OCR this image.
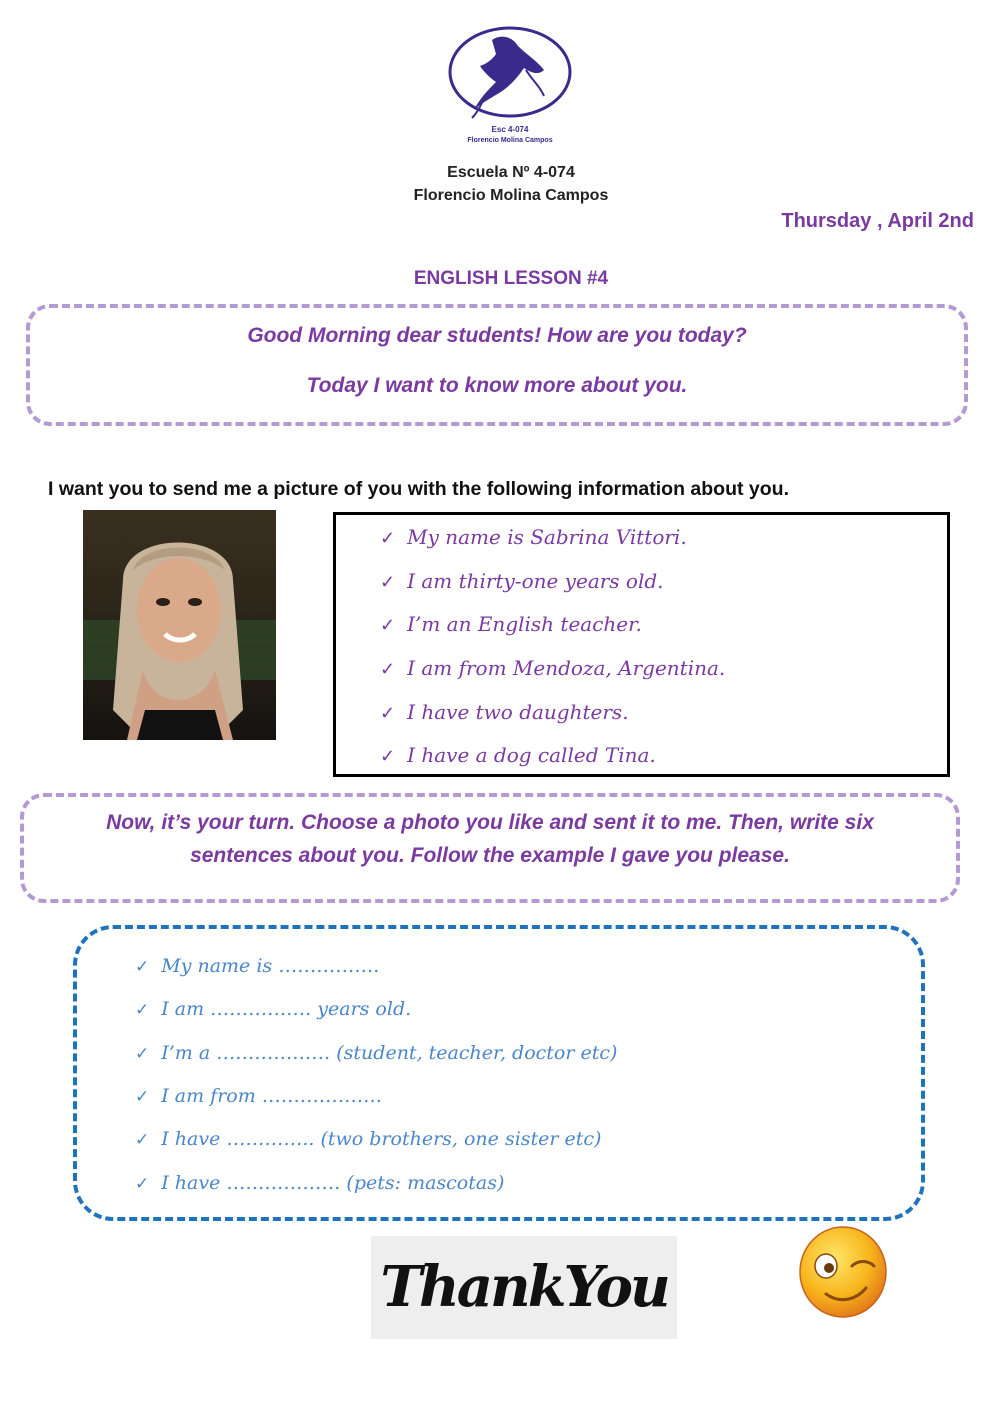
Esc 4-074
Florencio Molina Campos
Escuela Nº 4-074
Florencio Molina Campos
Thursday , April 2nd
ENGLISH LESSON #4
Good Morning dear students! How are you today?
Today I want to know more about you.
I want you to send me a picture of you with the following information about you.
✓ My name is Sabrina Vittori.
✓ I am thirty-one years old.
✓ I’m an English teacher.
✓ I am from Mendoza, Argentina.
✓ I have two daughters.
✓ I have a dog called Tina.
Now, it’s your turn. Choose a photo you like and sent it to me. Then, write six
sentences about you. Follow the example I gave you please.
✓ My name is …………….
✓ I am ……………. years old.
✓ I’m a ……………… (student, teacher, doctor etc)
✓ I am from ……………….
✓ I have ………….. (two brothers, one sister etc)
✓ I have ……………… (pets: mascotas)
ThankYou
